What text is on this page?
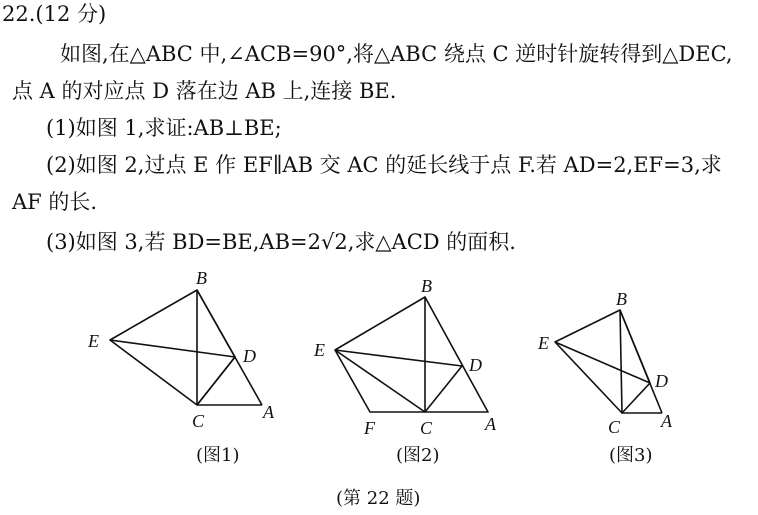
22.(12 分)
如图,在△ABC 中,∠ACB=90°,将△ABC 绕点 C 逆时针旋转得到△DEC,
点 A 的对应点 D 落在边 AB 上,连接 BE.
(1)如图 1,求证:AB⊥BE;
(2)如图 2,过点 E 作 EF∥AB 交 AC 的延长线于点 F.若 AD=2,EF=3,求
AF 的长.
(3)如图 3,若 BD=BE,AB=2√2,求△ACD 的面积.
B
E
D
C	A
B
E
D
F	C	A
B
E
D
C A
(图1)	(图2)	(图3)
(第 22 题)
